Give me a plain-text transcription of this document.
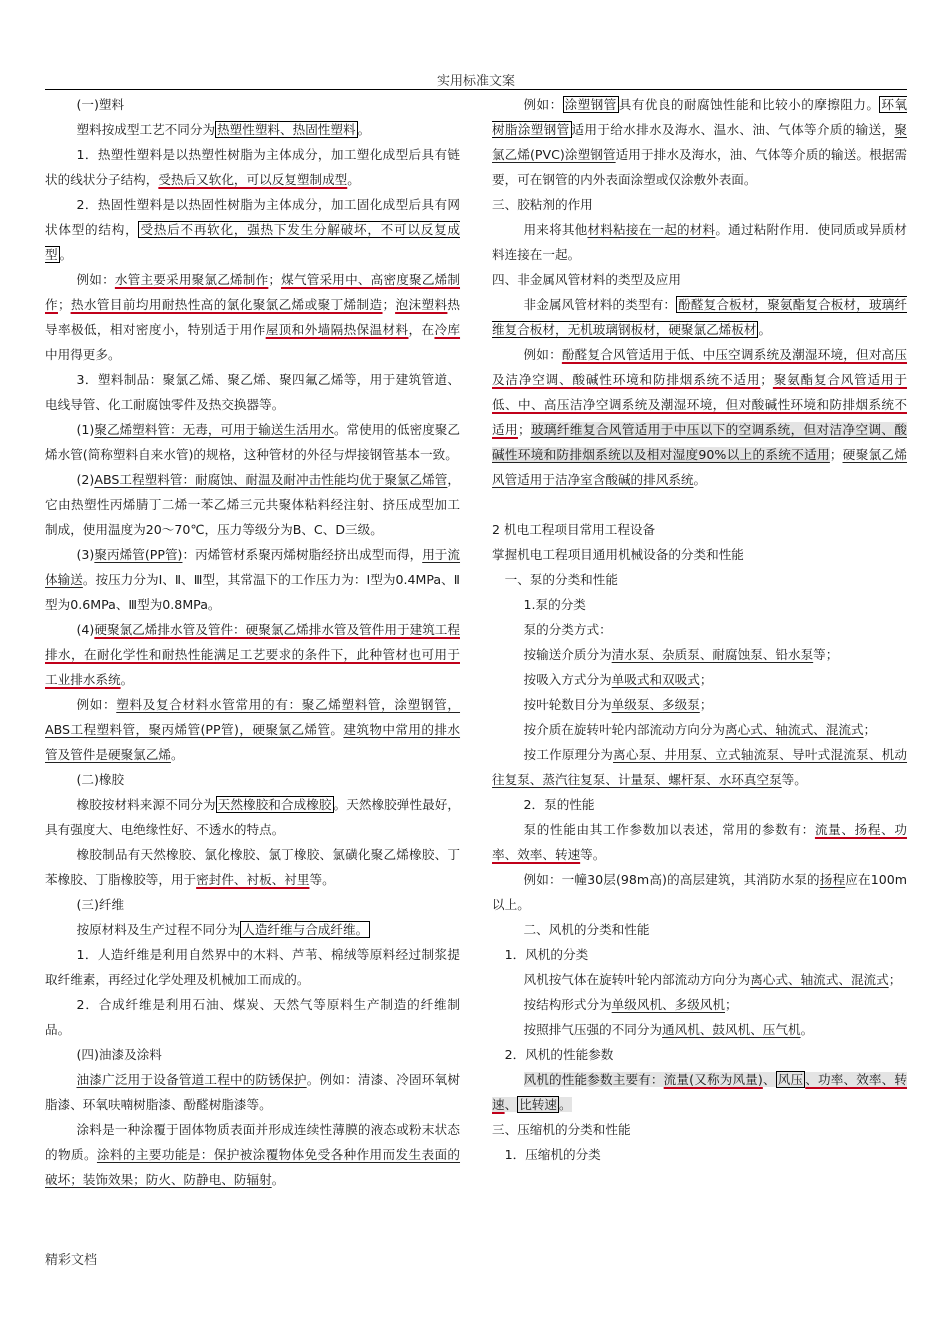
实用标准文案

(一)塑料

塑料按成型工艺不同分为 热塑性塑料、热固性塑料 。

1．热塑性塑料是以热塑性树脂为主体成分，加工塑化成型后具有链状的线状分子结构，受热后又软化，可以反复塑制成型。

2．热固性塑料是以热固性树脂为主体成分，加工固化成型后具有网状体型的结构， 受热后不再软化，强热下发生分解破坏，不可以反复成型 。

例如：水管主要采用聚氯乙烯制作；煤气管采用中、高密度聚乙烯制作；热水管目前均用耐热性高的氯化聚氯乙烯或聚丁烯制造；泡沫塑料热导率极低，相对密度小，特别适于用作屋顶和外墙隔热保温材料，在冷库中用得更多。

3．塑料制品：聚氯乙烯、聚乙烯、聚四氟乙烯等，用于建筑管道、电线导管、化工耐腐蚀零件及热交换器等。

(1)聚乙烯塑料管：无毒，可用于输送生活用水。常使用的低密度聚乙烯水管(简称塑料自来水管)的规格，这种管材的外径与焊接钢管基本一致。

(2)ABS工程塑料管：耐腐蚀、耐温及耐冲击性能均优于聚氯乙烯管，它由热塑性丙烯腈丁二烯一苯乙烯三元共聚体粘料经注射、挤压成型加工制成，使用温度为20～70℃，压力等级分为B、C、D三级。

(3)聚丙烯管(PP管)：丙烯管材系聚丙烯树脂经挤出成型而得，用于流体输送。按压力分为Ⅰ、Ⅱ、Ⅲ型，其常温下的工作压力为：Ⅰ型为0.4MPa、Ⅱ型为0.6MPa、Ⅲ型为0.8MPa。

(4)硬聚氯乙烯排水管及管件：硬聚氯乙烯排水管及管件用于建筑工程排水，在耐化学性和耐热性能满足工艺要求的条件下，此种管材也可用于工业排水系统。

例如：塑料及复合材料水管常用的有：聚乙烯塑料管，涂塑钢管，ABS工程塑料管，聚丙烯管(PP管)，硬聚氯乙烯管。建筑物中常用的排水管及管件是硬聚氯乙烯。

(二)橡胶

橡胶按材料来源不同分为 天然橡胶和合成橡胶 。天然橡胶弹性最好，具有强度大、电绝缘性好、不透水的特点。

橡胶制品有天然橡胶、氯化橡胶、氯丁橡胶、氯磺化聚乙烯橡胶、丁苯橡胶、丁脂橡胶等，用于密封件、衬板、衬里等。

(三)纤维

按原材料及生产过程不同分为 人造纤维与合成纤维。

1．人造纤维是利用自然界中的木料、芦苇、棉绒等原料经过制浆提取纤维素，再经过化学处理及机械加工而成的。

2．合成纤维是利用石油、煤炭、天然气等原料生产制造的纤维制品。

(四)油漆及涂料

油漆广泛用于设备管道工程中的防锈保护。例如：清漆、冷固环氧树脂漆、环氧呋喃树脂漆、酚醛树脂漆等。

涂料是一种涂覆于固体物质表面并形成连续性薄膜的液态或粉末状态的物质。涂料的主要功能是：保护被涂覆物体免受各种作用而发生表面的破坏；装饰效果；防火、防静电、防辐射。

例如： 涂塑钢管 具有优良的耐腐蚀性能和比较小的摩擦阻力。 环氧树脂涂塑钢管 适用于给水排水及海水、温水、油、气体等介质的输送，聚氯乙烯(PVC)涂塑钢管适用于排水及海水，油、气体等介质的输送。根据需要，可在钢管的内外表面涂塑或仅涂敷外表面。

三、胶粘剂的作用

用来将其他材料粘接在一起的材料。通过粘附作用．使同质或异质材料连接在一起。

四、非金属风管材料的类型及应用

非金属风管材料的类型有： 酚醛复合板材，聚氨酯复合板材，玻璃纤维复合板材，无机玻璃钢板材，硬聚氯乙烯板材 。

例如：酚醛复合风管适用于低、中压空调系统及潮湿环境，但对高压及洁净空调、酸碱性环境和防排烟系统不适用；聚氨酯复合风管适用于低、中、高压洁净空调系统及潮湿环境，但对酸碱性环境和防排烟系统不适用；玻璃纤维复合风管适用于中压以下的空调系统，但对洁净空调、酸碱性环境和防排烟系统以及相对湿度90%以上的系统不适用；硬聚氯乙烯风管适用于洁净室含酸碱的排风系统。

2 机电工程项目常用工程设备

掌握机电工程项目通用机械设备的分类和性能

一、泵的分类和性能

1.泵的分类

泵的分类方式：

按输送介质分为清水泵、杂质泵、耐腐蚀泵、铅水泵等；

按吸入方式分为单吸式和双吸式；

按叶轮数目分为单级泵、多级泵；

按介质在旋转叶轮内部流动方向分为离心式、轴流式、混流式；

按工作原理分为离心泵、井用泵、立式轴流泵、导叶式混流泵、机动往复泵、蒸汽往复泵、计量泵、螺杆泵、水环真空泵等。

2．泵的性能

泵的性能由其工作参数加以表述，常用的参数有：流量、扬程、功率、效率、转速等。

例如：一幢30层(98m高)的高层建筑，其消防水泵的扬程应在100m以上。

二、风机的分类和性能

1．风机的分类

风机按气体在旋转叶轮内部流动方向分为离心式、轴流式、混流式；

按结构形式分为单级风机、多级风机；

按照排气压强的不同分为通风机、鼓风机、压气机。

2．风机的性能参数

风机的性能参数主要有：流量(又称为风量)、 风压 、功率、效率、转速、 比转速 。

三、压缩机的分类和性能

1．压缩机的分类

精彩文档
